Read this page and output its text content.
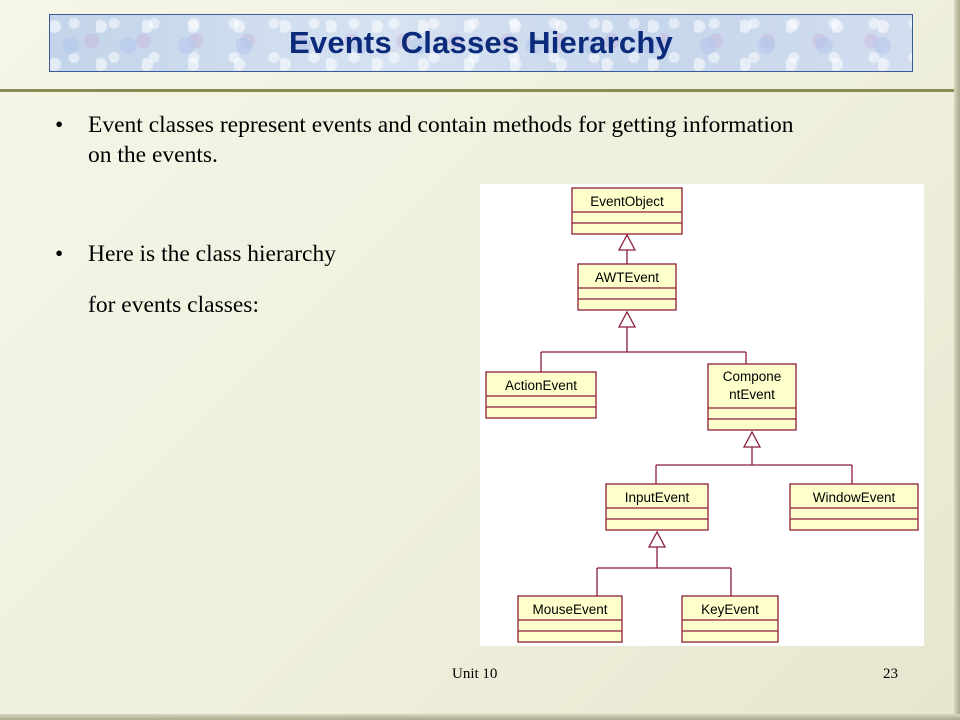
Events Classes Hierarchy
•	Event classes represent events and contain methods for getting information on the events.
•	Here is the class hierarchy
for events classes:
EventObject
AWTEvent
ActionEvent
Compone
ntEvent
InputEvent	WindowEvent
MouseEvent	KeyEvent
Unit 10	23
